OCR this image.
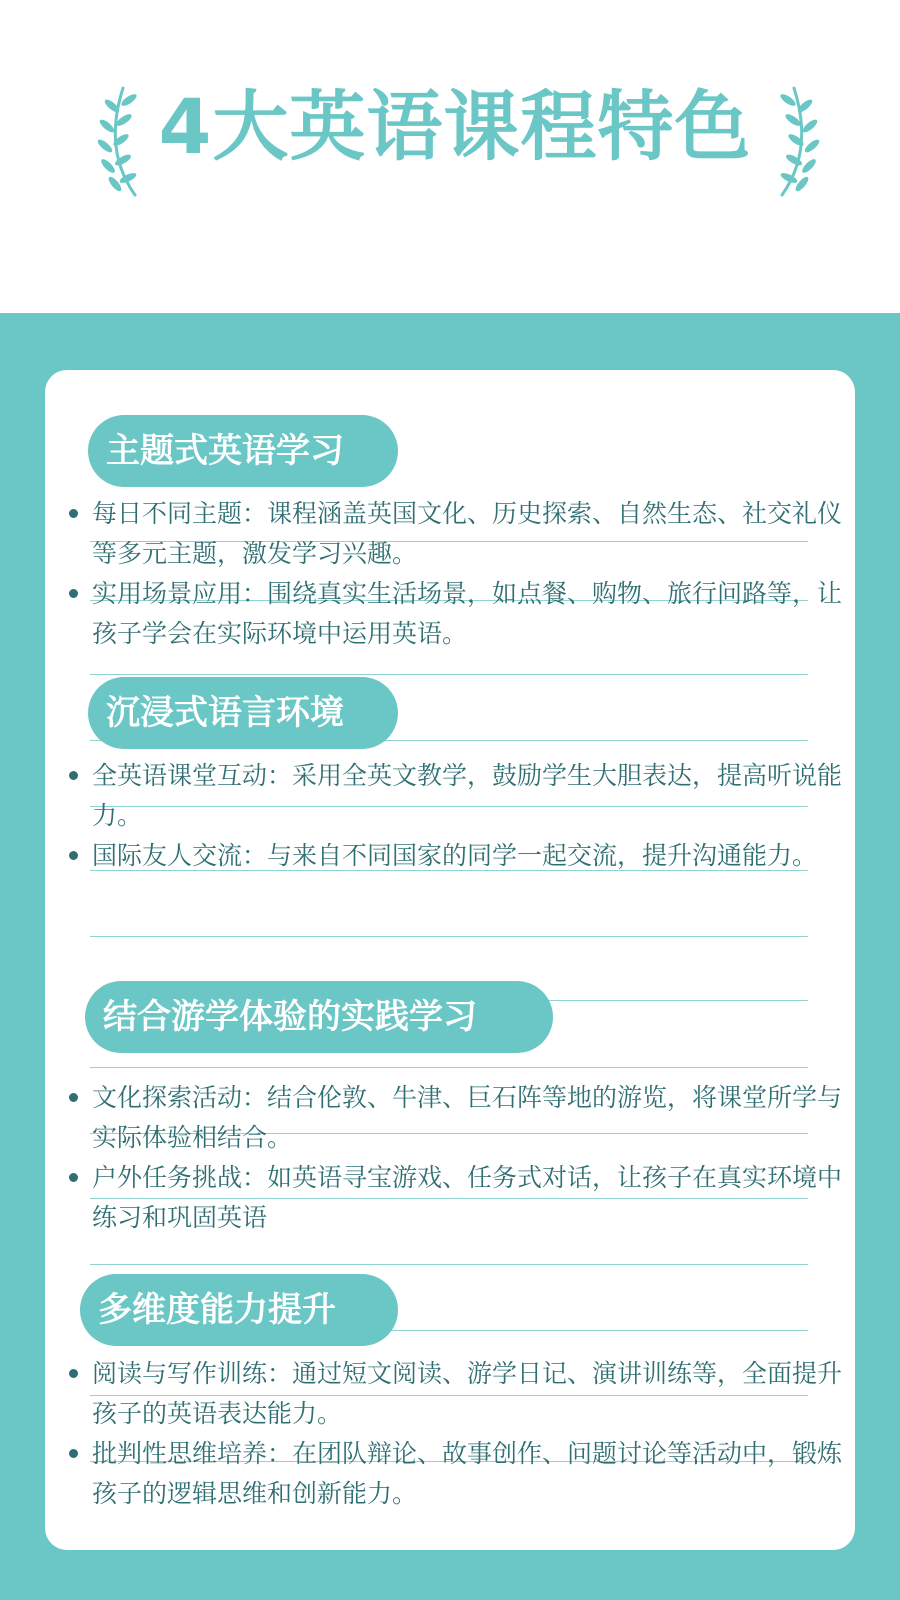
4大英语课程特色
主题式英语学习
每日不同主题：课程涵盖英国文化、历史探索、自然生态、社交礼仪等多元主题，激发学习兴趣。
实用场景应用：围绕真实生活场景，如点餐、购物、旅行问路等，让孩子学会在实际环境中运用英语。
沉浸式语言环境
全英语课堂互动：采用全英文教学，鼓励学生大胆表达，提高听说能力。
国际友人交流：与来自不同国家的同学一起交流，提升沟通能力。
结合游学体验的实践学习
文化探索活动：结合伦敦、牛津、巨石阵等地的游览，将课堂所学与实际体验相结合。
户外任务挑战：如英语寻宝游戏、任务式对话，让孩子在真实环境中练习和巩固英语
多维度能力提升
阅读与写作训练：通过短文阅读、游学日记、演讲训练等，全面提升孩子的英语表达能力。
批判性思维培养：在团队辩论、故事创作、问题讨论等活动中，锻炼孩子的逻辑思维和创新能力。
